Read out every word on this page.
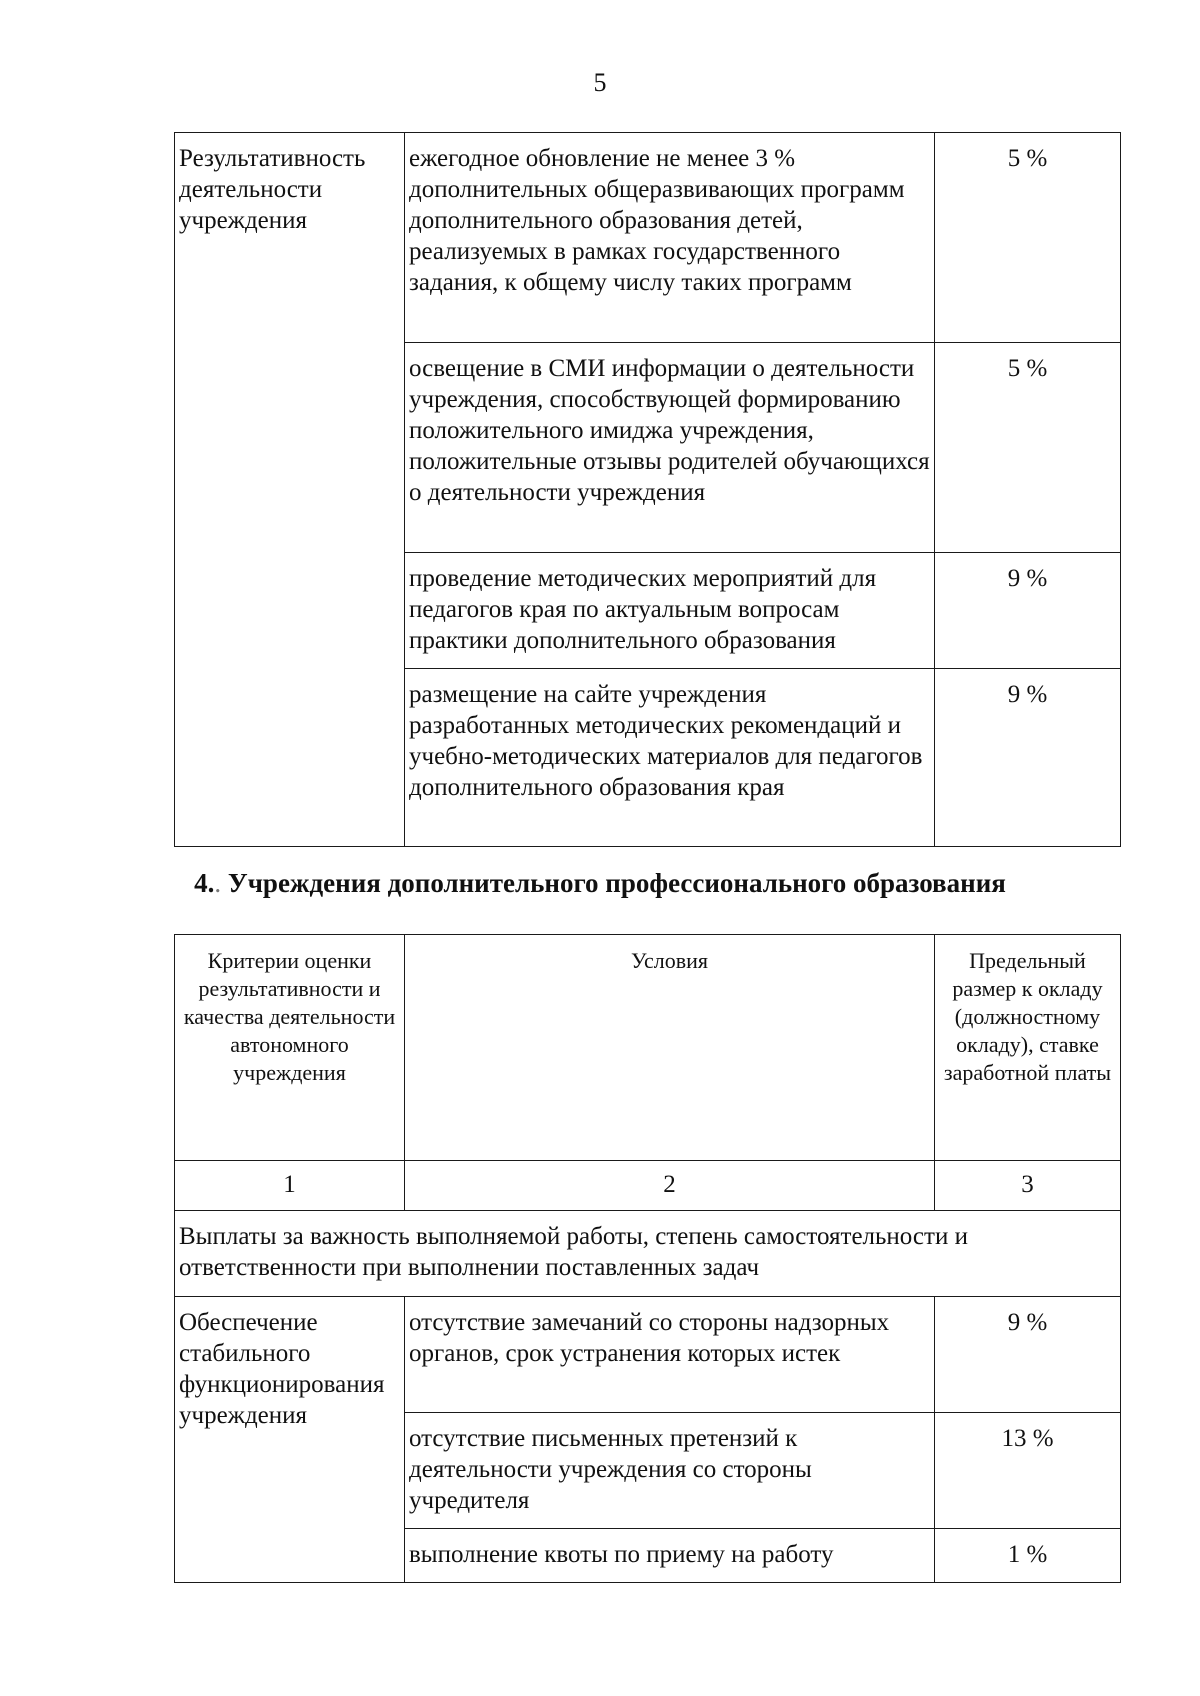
5
Результативность деятельности учреждения	ежегодное обновление не менее 3 % дополнительных общеразвивающих программ дополнительного образования детей, реализуемых в рамках государственного задания, к общему числу таких программ	5 %
	освещение в СМИ информации о деятельности учреждения, способствующей формированию положительного имиджа учреждения, положительные отзывы родителей обучающихся о деятельности учреждения	5 %
	проведение методических мероприятий для педагогов края по актуальным вопросам практики дополнительного образования	9 %
	размещение на сайте учреждения разработанных методических рекомендаций и учебно-методических материалов для педагогов дополнительного образования края	9 %
4.. Учреждения дополнительного профессионального образования
Критерии оценки результативности и качества деятельности автономного учреждения	Условия	Предельный размер к окладу (должностному окладу), ставке заработной платы
1	2	3
Выплаты за важность выполняемой работы, степень самостоятельности и ответственности при выполнении поставленных задач		
Обеспечение стабильного функционирования учреждения	отсутствие замечаний со стороны надзорных органов, срок устранения которых истек	9 %
	отсутствие письменных претензий к деятельности учреждения со стороны учредителя	13 %
	выполнение квоты по приему на работу	1 %
